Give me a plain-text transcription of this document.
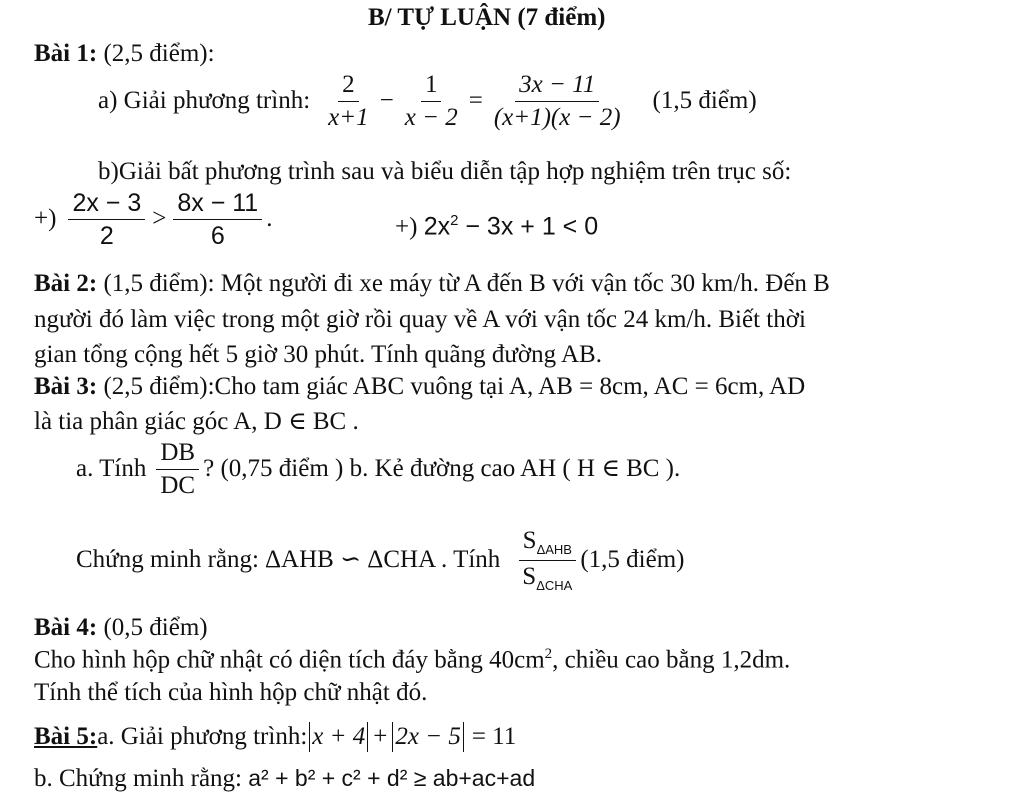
B/ TỰ LUẬN (7 điểm)
Bài 1: (2,5 điểm):
a) Giải phương trình: $\frac{2}{x+1} - \frac{1}{x - 2} = \frac{3x - 11}{(x+1)(x - 2)} (1,5$ điểm)
b)Giải bất phương trình sau và biểu diễn tập hợp nghiệm trên trục số:
+) $\frac{2x - 3}{2} > \frac{8x - 11}{6}$ .	+) $2x^2 - 3x + 1 < 0$
Bài 2: (1,5 điểm): Một người đi xe máy từ A đến B với vận tốc 30 km/h. Đến B
người đó làm việc trong một giờ rồi quay về A với vận tốc 24 km/h. Biết thời
gian tổng cộng hết 5 giờ 30 phút. Tính quãng đường AB.
Bài 3: (2,5 điểm):Cho tam giác ABC vuông tại A, AB = 8cm, AC = 6cm, AD
là tia phân giác góc A, D ∈ BC .
a. Tính $\frac{DB}{DC}$ ? (0,75 điểm ) b. Kẻ đường cao AH ( H ∈ BC ).
Chứng minh rằng: ΔAHB ∽ ΔCHA . Tính $\frac{S_{\Delta AHB}}{S_{\Delta CHA}} (1,5$ điểm)
Bài 4: (0,5 điểm)
Cho hình hộp chữ nhật có diện tích đáy bằng $40cm^2$, chiều cao bằng 1,2dm.
Tính thể tích của hình hộp chữ nhật đó.
Bài 5: a. Giải phương trình: x + 4 + 2x − 5 = 11
b. Chứng minh rằng: a² + b² + c² + d² ≥ ab+ac+ad
